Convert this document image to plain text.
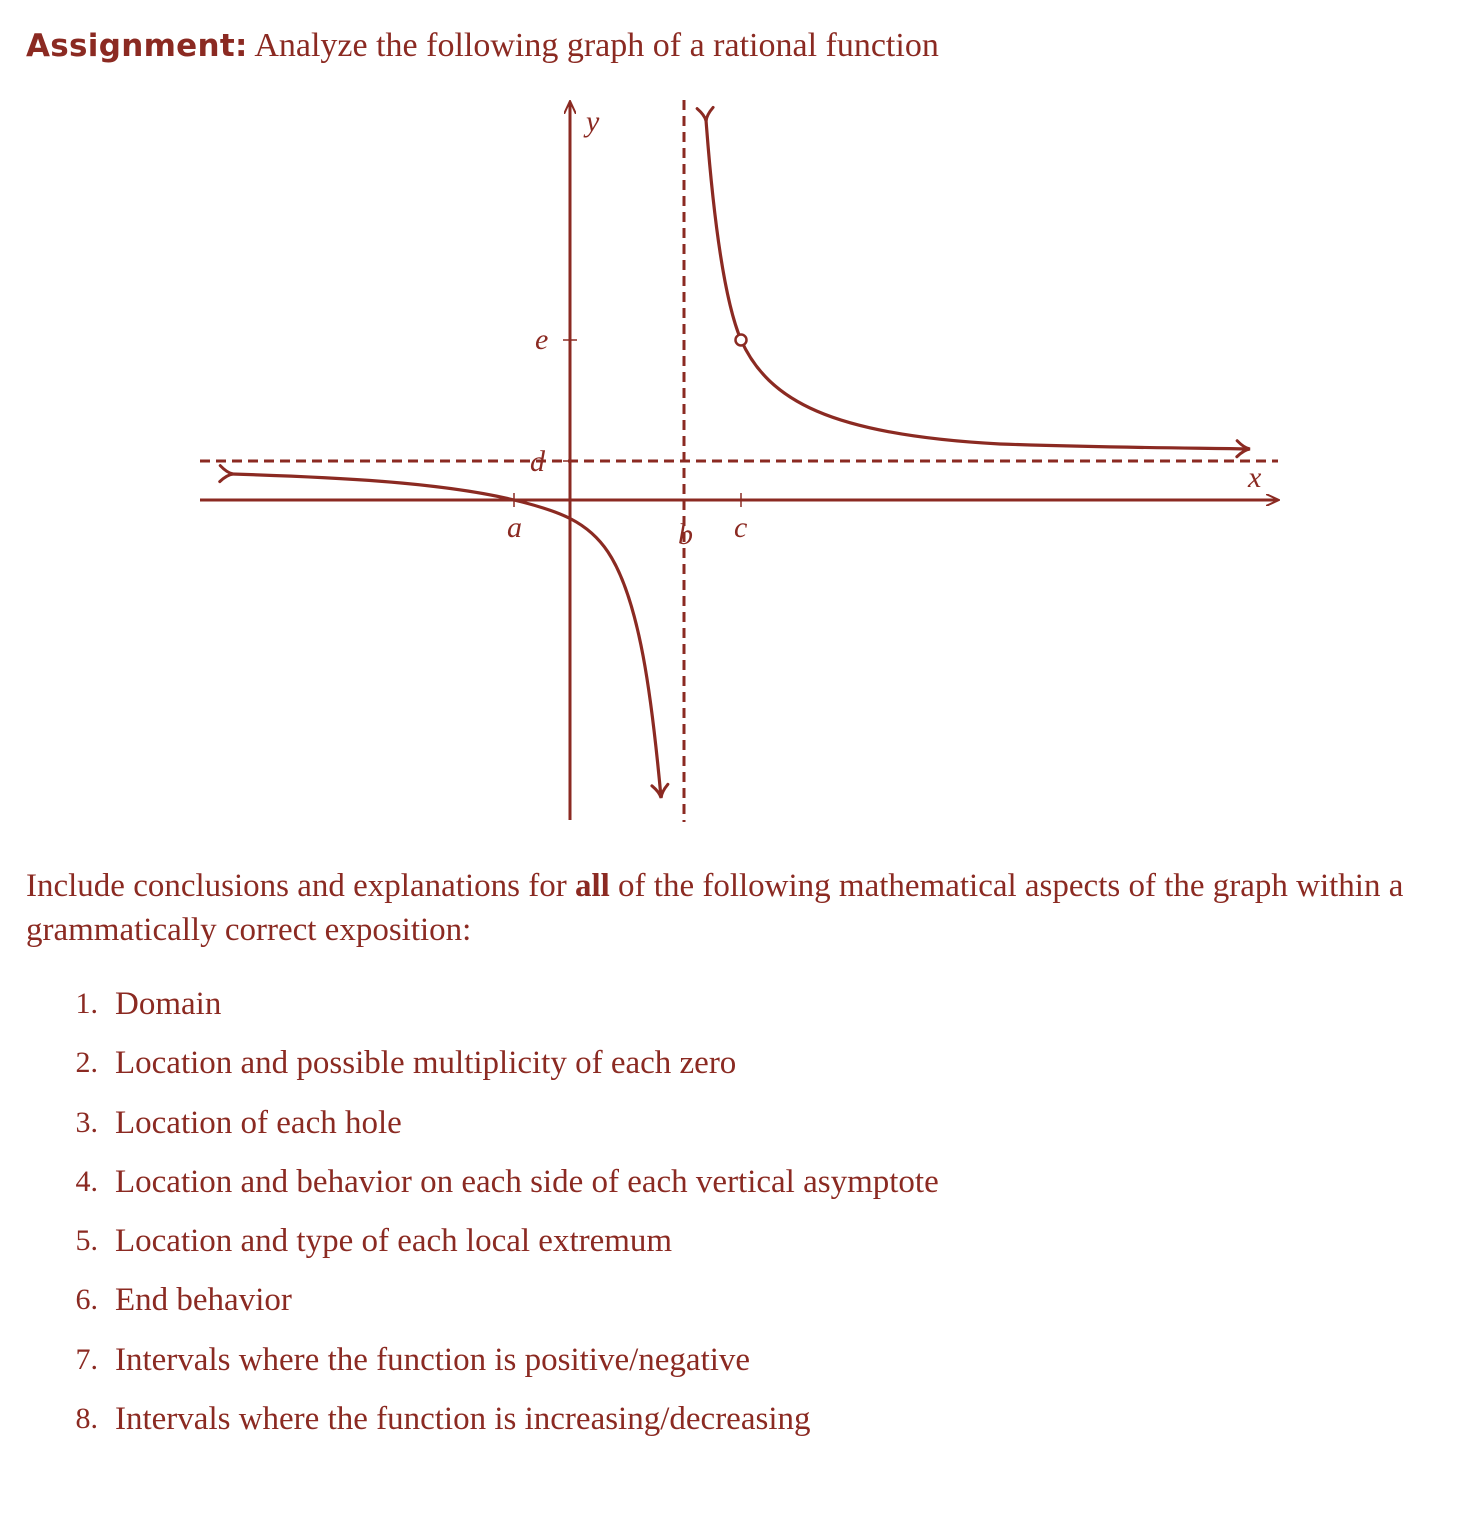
Assignment: Analyze the following graph of a rational function
y
x
a	b c
d
e
Include conclusions and explanations for all of the following mathematical aspects of the graph within a grammatically correct exposition:
1. Domain
2. Location and possible multiplicity of each zero
3. Location of each hole
4. Location and behavior on each side of each vertical asymptote
5. Location and type of each local extremum
6. End behavior
7. Intervals where the function is positive/negative
8. Intervals where the function is increasing/decreasing
